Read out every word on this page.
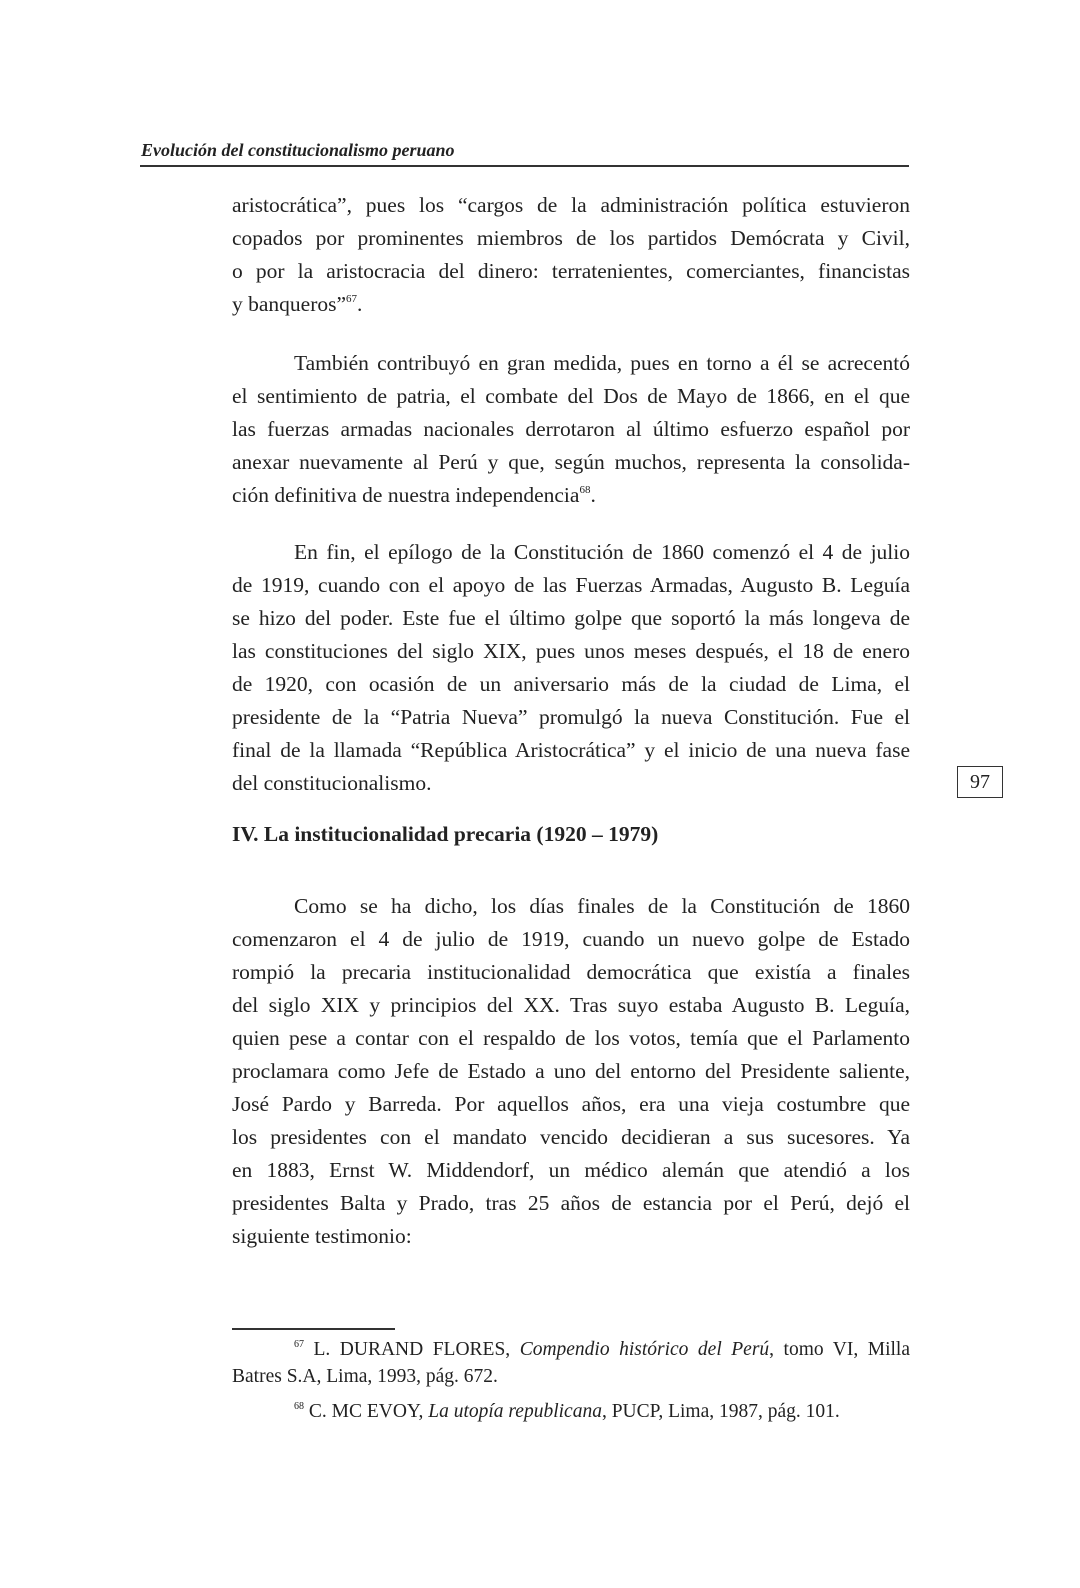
Evolución del constitucionalismo peruano
aristocrática”, pues los “cargos de la administración política estuvieron
copados por prominentes miembros de los partidos Demócrata y Civil,
o por la aristocracia del dinero: terratenientes, comerciantes, financistas
y banqueros”$^{67}$.
También contribuyó en gran medida, pues en torno a él se acrecentó
el sentimiento de patria, el combate del Dos de Mayo de 1866, en el que
las fuerzas armadas nacionales derrotaron al último esfuerzo español por
anexar nuevamente al Perú y que, según muchos, representa la consolida-
ción definitiva de nuestra independencia$^{68}$.
En fin, el epílogo de la Constitución de 1860 comenzó el 4 de julio
de 1919, cuando con el apoyo de las Fuerzas Armadas, Augusto B. Leguía
se hizo del poder. Este fue el último golpe que soportó la más longeva de
las constituciones del siglo XIX, pues unos meses después, el 18 de enero
de 1920, con ocasión de un aniversario más de la ciudad de Lima, el
presidente de la “Patria Nueva” promulgó la nueva Constitución. Fue el
final de la llamada “República Aristocrática” y el inicio de una nueva fase
del constitucionalismo.
IV. La institucionalidad precaria (1920 – 1979)
Como se ha dicho, los días finales de la Constitución de 1860
comenzaron el 4 de julio de 1919, cuando un nuevo golpe de Estado
rompió la precaria institucionalidad democrática que existía a finales
del siglo XIX y principios del XX. Tras suyo estaba Augusto B. Leguía,
quien pese a contar con el respaldo de los votos, temía que el Parlamento
proclamara como Jefe de Estado a uno del entorno del Presidente saliente,
José Pardo y Barreda. Por aquellos años, era una vieja costumbre que
los presidentes con el mandato vencido decidieran a sus sucesores. Ya
en 1883, Ernst W. Middendorf, un médico alemán que atendió a los
presidentes Balta y Prado, tras 25 años de estancia por el Perú, dejó el
siguiente testimonio:
97
$^{67}$ L. DURAND FLORES, Compendio histórico del Perú, tomo VI, Milla
Batres S.A, Lima, 1993, pág. 672.
$^{68}$ C. MC EVOY, La utopía republicana, PUCP, Lima, 1987, pág. 101.
